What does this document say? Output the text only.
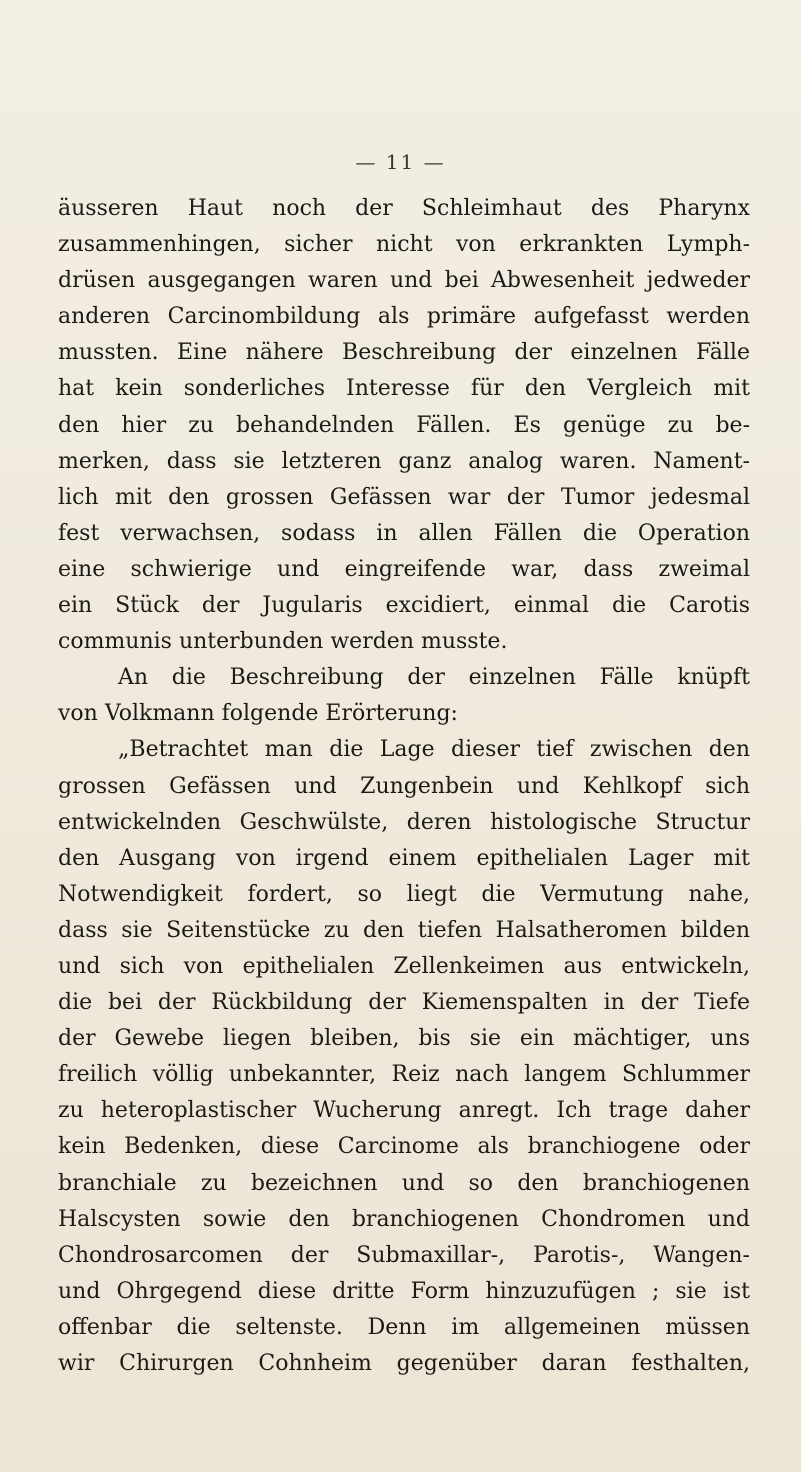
— 11 —
äusseren Haut noch der Schleimhaut des Pharynx
zusammenhingen, sicher nicht von erkrankten Lymph-
drüsen ausgegangen waren und bei Abwesenheit jedweder
anderen Carcinombildung als primäre aufgefasst werden
mussten. Eine nähere Beschreibung der einzelnen Fälle
hat kein sonderliches Interesse für den Vergleich mit
den hier zu behandelnden Fällen. Es genüge zu be-
merken, dass sie letzteren ganz analog waren. Nament-
lich mit den grossen Gefässen war der Tumor jedesmal
fest verwachsen, sodass in allen Fällen die Operation
eine schwierige und eingreifende war, dass zweimal
ein Stück der Jugularis excidiert, einmal die Carotis
communis unterbunden werden musste.
An die Beschreibung der einzelnen Fälle knüpft
von Volkmann folgende Erörterung:
„Betrachtet man die Lage dieser tief zwischen den
grossen Gefässen und Zungenbein und Kehlkopf sich
entwickelnden Geschwülste, deren histologische Structur
den Ausgang von irgend einem epithelialen Lager mit
Notwendigkeit fordert, so liegt die Vermutung nahe,
dass sie Seitenstücke zu den tiefen Halsatheromen bilden
und sich von epithelialen Zellenkeimen aus entwickeln,
die bei der Rückbildung der Kiemenspalten in der Tiefe
der Gewebe liegen bleiben, bis sie ein mächtiger, uns
freilich völlig unbekannter, Reiz nach langem Schlummer
zu heteroplastischer Wucherung anregt. Ich trage daher
kein Bedenken, diese Carcinome als branchiogene oder
branchiale zu bezeichnen und so den branchiogenen
Halscysten sowie den branchiogenen Chondromen und
Chondrosarcomen der Submaxillar-, Parotis-, Wangen-
und Ohrgegend diese dritte Form hinzuzufügen ; sie ist
offenbar die seltenste. Denn im allgemeinen müssen
wir Chirurgen Cohnheim gegenüber daran festhalten,
